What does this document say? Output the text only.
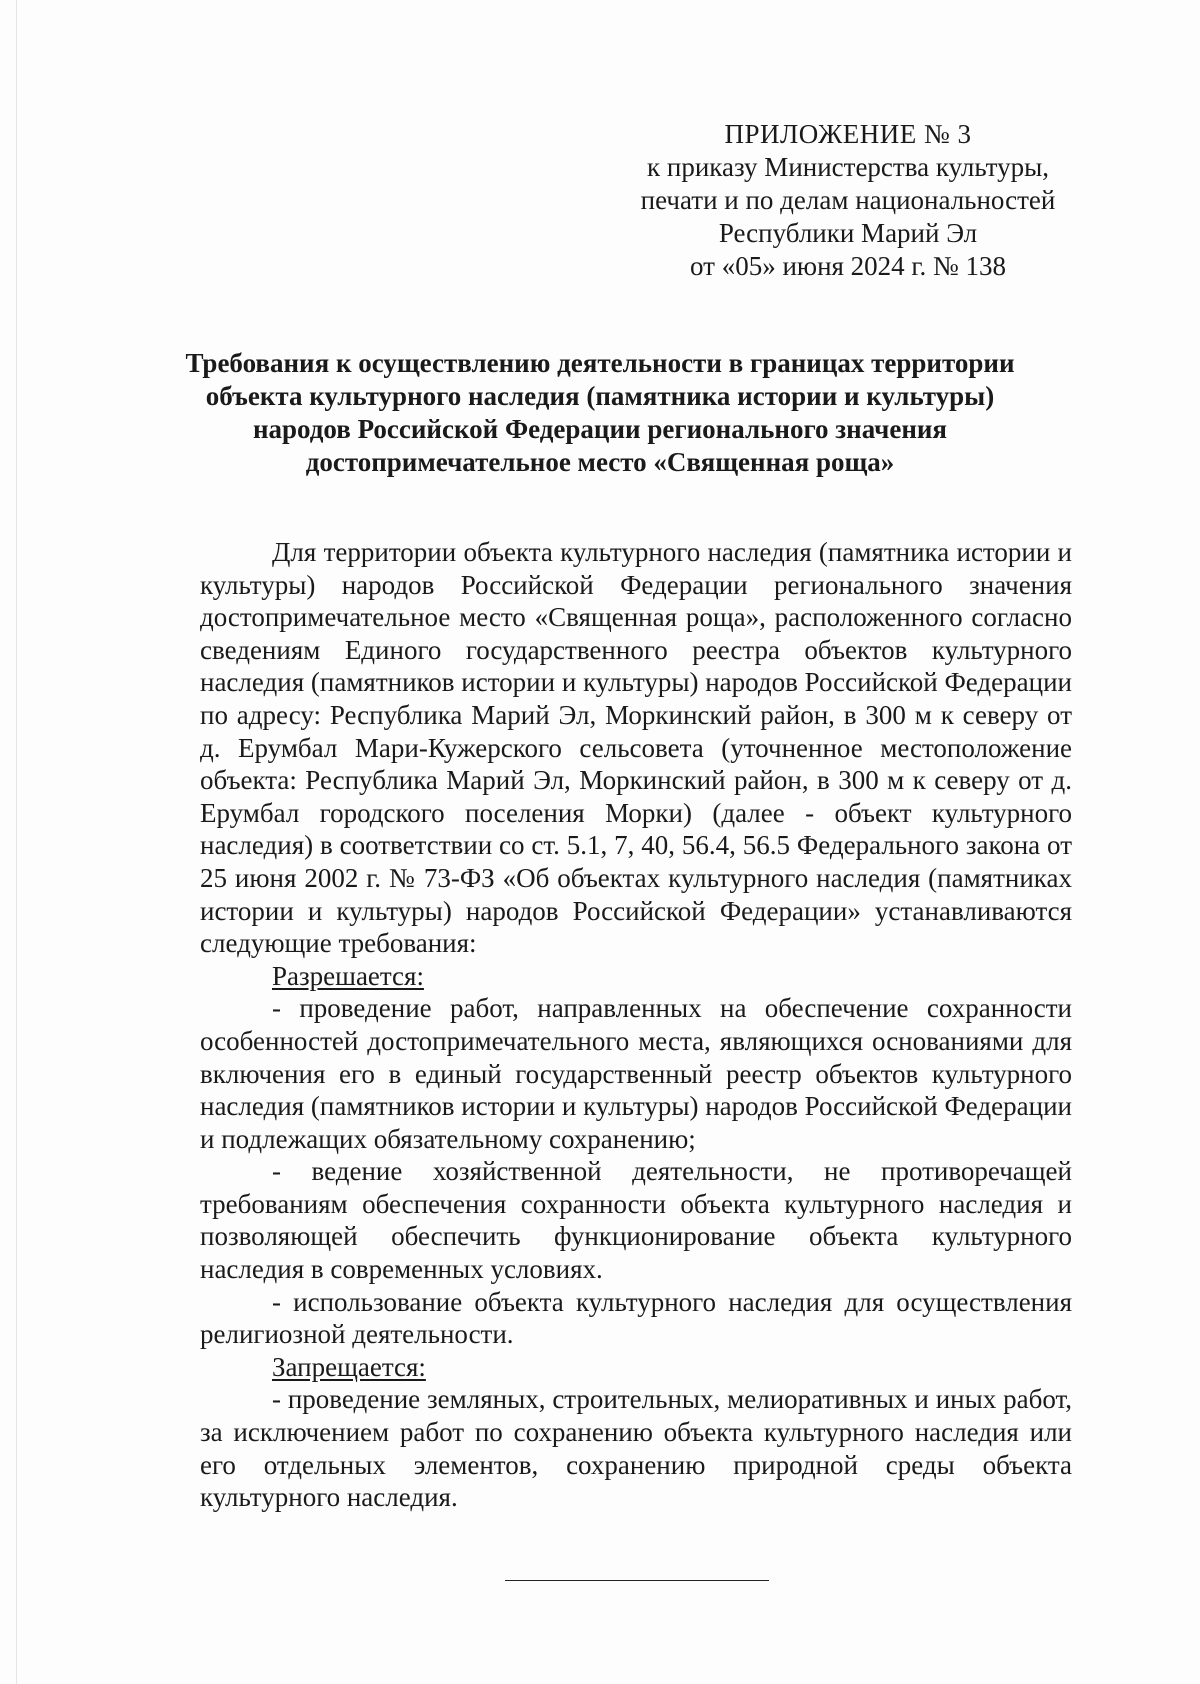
ПРИЛОЖЕНИЕ № 3
к приказу Министерства культуры,
печати и по делам национальностей
Республики Марий Эл
от «05» июня 2024 г. № 138
Требования к осуществлению деятельности в границах территории
объекта культурного наследия (памятника истории и культуры)
народов Российской Федерации регионального значения
достопримечательное место «Священная роща»

Для территории объекта культурного наследия (памятника истории и культуры) народов Российской Федерации регионального значения достопримечательное место «Священная роща», расположенного согласно сведениям Единого государственного реестра объектов культурного наследия (памятников истории и культуры) народов Российской Федерации по адресу: Республика Марий Эл, Моркинский район, в 300 м к северу от д. Ерумбал Мари-Кужерского сельсовета (уточненное местоположение объекта: Республика Марий Эл, Моркинский район, в 300 м к северу от д. Ерумбал городского поселения Морки) (далее - объект культурного наследия) в соответствии со ст. 5.1, 7, 40, 56.4, 56.5 Федерального закона от 25 июня 2002 г. № 73-ФЗ «Об объектах культурного наследия (памятниках истории и культуры) народов Российской Федерации» устанавливаются следующие требования:

Разрешается:

- проведение работ, направленных на обеспечение сохранности особенностей достопримечательного места, являющихся основаниями для включения его в единый государственный реестр объектов культурного наследия (памятников истории и культуры) народов Российской Федерации и подлежащих обязательному сохранению;

- ведение хозяйственной деятельности, не противоречащей требованиям обеспечения сохранности объекта культурного наследия и позволяющей обеспечить функционирование объекта культурного наследия в современных условиях.

- использование объекта культурного наследия для осуществления религиозной деятельности.

Запрещается:

- проведение земляных, строительных, мелиоративных и иных работ, за исключением работ по сохранению объекта культурного наследия или его отдельных элементов, сохранению природной среды объекта культурного наследия.
